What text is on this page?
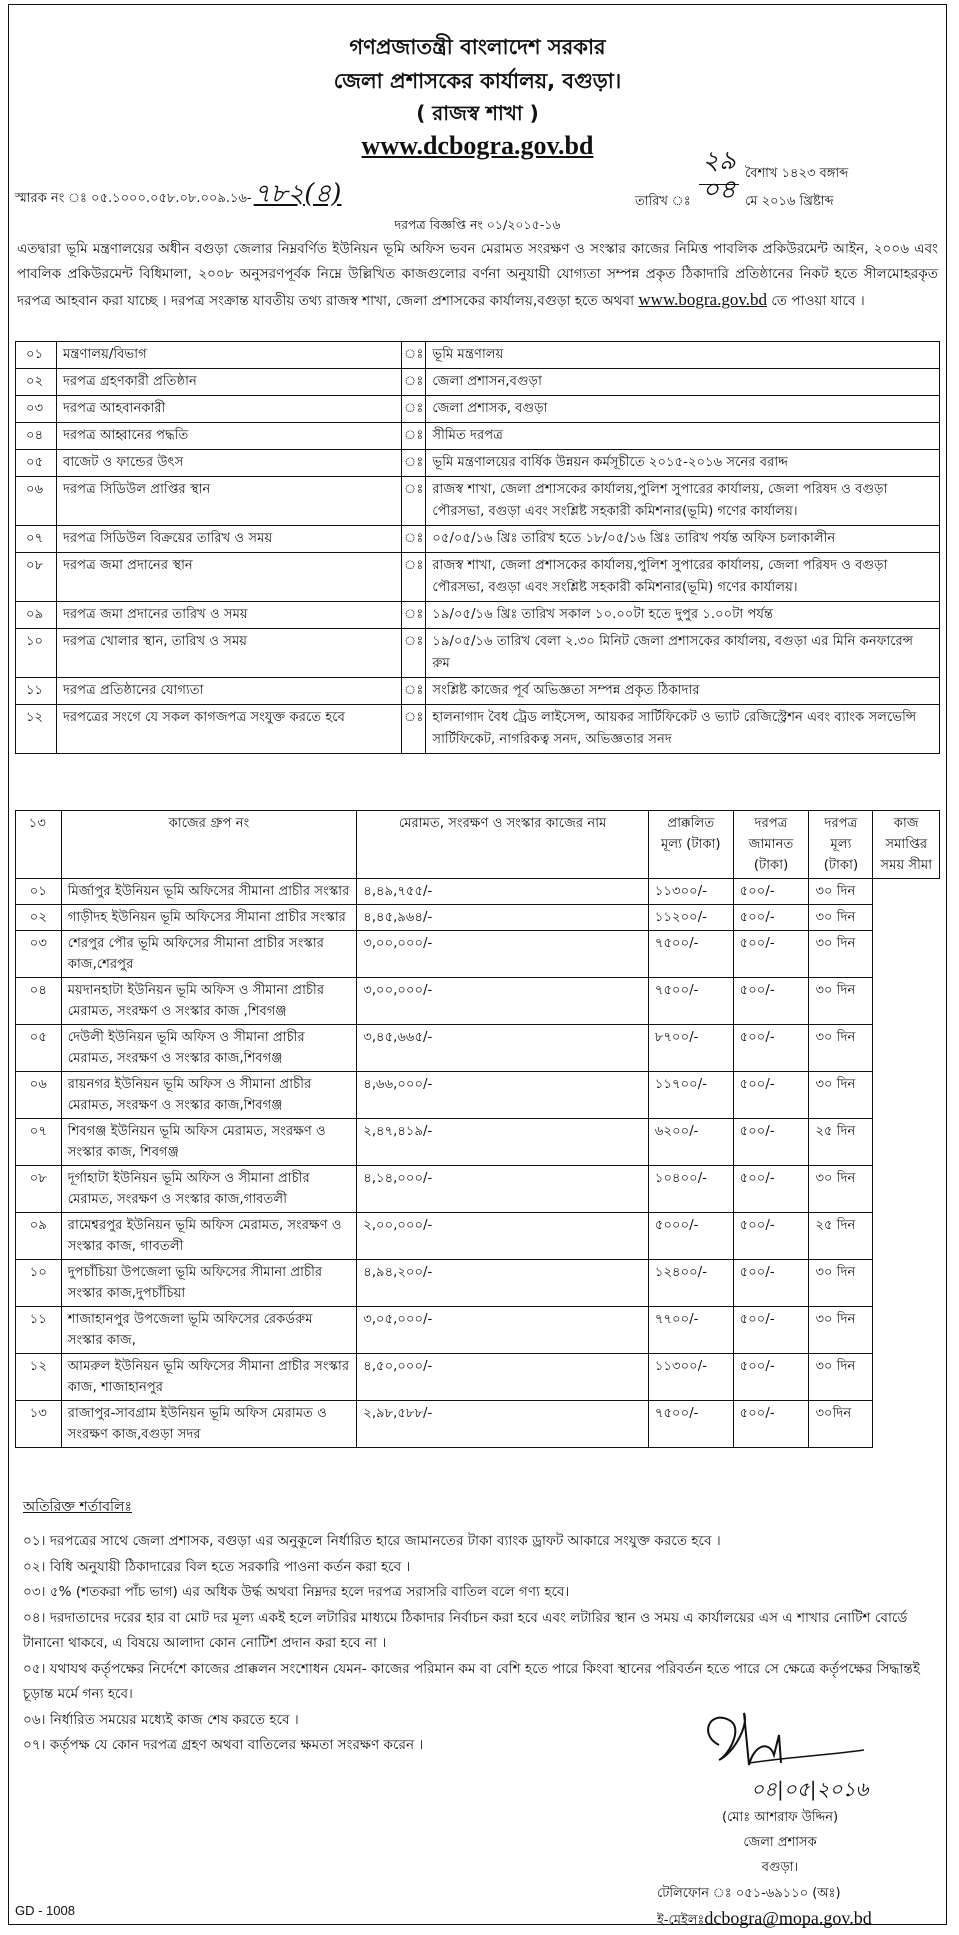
গণপ্রজাতন্ত্রী বাংলাদেশ সরকার
জেলা প্রশাসকের কার্যালয়, বগুড়া।
( রাজস্ব শাখা )
www.dcbogra.gov.bd
স্মারক নং ঃ ০৫.১০০০.০৫৮.০৮.০০৯.১৬-৭৮২(৪)
২৯ বৈশাখ ১৪২৩ বঙ্গাব্দ
তারিখ ঃ ০৪ মে ২০১৬ খ্রিষ্টাব্দ
দরপত্র বিজ্ঞপ্তি নং ০১/২০১৫-১৬
এতদ্বারা ভূমি মন্ত্রণালয়ের অধীন বগুড়া জেলার নিম্নবর্ণিত ইউনিয়ন ভূমি অফিস ভবন মেরামত সংরক্ষণ ও সংস্কার কাজের নিমিত্ত পাবলিক প্রকিউরমেন্ট আইন, ২০০৬ এবং পাবলিক প্রকিউরমেন্ট বিধিমালা, ২০০৮ অনুসরণপূর্বক নিম্নে উল্লিখিত কাজগুলোর বর্ণনা অনুযায়ী যোগ্যতা সম্পন্ন প্রকৃত ঠিকাদারি প্রতিষ্ঠানের নিকট হতে সীলমোহরকৃত দরপত্র আহবান করা যাচ্ছে । দরপত্র সংক্রান্ত যাবতীয় তথ্য রাজস্ব শাখা, জেলা প্রশাসকের কার্যালয়,বগুড়া হতে অথবা www.bogra.gov.bd তে পাওয়া যাবে ।
০১	মন্ত্রণালয়/বিভাগ	ঃ	ভূমি মন্ত্রণালয়
০২	দরপত্র গ্রহণকারী প্রতিষ্ঠান	ঃ	জেলা প্রশাসন,বগুড়া
০৩	দরপত্র আহবানকারী	ঃ	জেলা প্রশাসক, বগুড়া
০৪	দরপত্র আহ্বানের পদ্ধতি	ঃ	সীমিত দরপত্র
০৫	বাজেট ও ফান্ডের উৎস	ঃ	ভূমি মন্ত্রণালয়ের বার্ষিক উন্নয়ন কর্মসূচীতে ২০১৫-২০১৬ সনের বরাদ্দ
০৬	দরপত্র সিডিউল প্রাপ্তির স্থান	ঃ	রাজস্ব শাখা, জেলা প্রশাসকের কার্যালয়,পুলিশ সুপারের কার্যালয়, জেলা পরিষদ ও বগুড়া পৌরসভা, বগুড়া এবং সংশ্লিষ্ট সহকারী কমিশনার(ভূমি) গণের কার্যালয়।
০৭	দরপত্র সিডিউল বিক্রয়ের তারিখ ও সময়	ঃ	০৫/০৫/১৬ খ্রিঃ তারিখ হতে ১৮/০৫/১৬ খ্রিঃ তারিখ পর্যন্ত অফিস চলাকালীন
০৮	দরপত্র জমা প্রদানের স্থান	ঃ	রাজস্ব শাখা, জেলা প্রশাসকের কার্যালয়,পুলিশ সুপারের কার্যালয়, জেলা পরিষদ ও বগুড়া পৌরসভা, বগুড়া এবং সংশ্লিষ্ট সহকারী কমিশনার(ভূমি) গণের কার্যালয়।
০৯	দরপত্র জমা প্রদানের তারিখ ও সময়	ঃ	১৯/০৫/১৬ খ্রিঃ তারিখ সকাল ১০.০০টা হতে দুপুর ১.০০টা পর্যন্ত
১০	দরপত্র খোলার স্থান, তারিখ ও সময়	ঃ	১৯/০৫/১৬ তারিখ বেলা ২.৩০ মিনিট জেলা প্রশাসকের কার্যালয়, বগুড়া এর মিনি কনফারেন্স রুম
১১	দরপত্র প্রতিষ্ঠানের যোগ্যতা	ঃ	সংশ্লিষ্ট কাজের পূর্ব অভিজ্ঞতা সম্পন্ন প্রকৃত ঠিকাদার
১২	দরপত্রের সংগে যে সকল কাগজপত্র সংযুক্ত করতে হবে	ঃ	হালনাগাদ বৈধ ট্রেড লাইসেন্স, আয়কর সার্টিফিকেট ও ভ্যাট রেজিস্ট্রেশন এবং ব্যাংক সলভেন্সি সার্টিফিকেট, নাগরিকত্ব সনদ, অভিজ্ঞতার সনদ
১৩	কাজের গ্রুপ নং	মেরামত, সংরক্ষণ ও সংস্কার কাজের নাম	প্রাক্কলিত মূল্য (টাকা)	দরপত্র জামানত (টাকা)	দরপত্র মূল্য (টাকা)	কাজ সমাপ্তির সময় সীমা
০১	মির্জাপুর ইউনিয়ন ভূমি অফিসের সীমানা প্রাচীর সংস্কার	৪,৪৯,৭৫৫/-	১১৩০০/-	৫০০/-	৩০ দিন	
০২	গাড়ীদহ ইউনিয়ন ভূমি অফিসের সীমানা প্রাচীর সংস্কার	৪,৪৫,৯৬৪/-	১১২০০/-	৫০০/-	৩০ দিন	
০৩	শেরপুর পৌর ভূমি অফিসের সীমানা প্রাচীর সংস্কার কাজ,শেরপুর	৩,০০,০০০/-	৭৫০০/-	৫০০/-	৩০ দিন	
০৪	ময়দানহাটা ইউনিয়ন ভূমি অফিস ও সীমানা প্রাচীর মেরামত, সংরক্ষণ ও সংস্কার কাজ ,শিবগঞ্জ	৩,০০,০০০/-	৭৫০০/-	৫০০/-	৩০ দিন	
০৫	দেউলী ইউনিয়ন ভূমি অফিস ও সীমানা প্রাচীর মেরামত, সংরক্ষণ ও সংস্কার কাজ,শিবগঞ্জ	৩,৪৫,৬৬৫/-	৮৭০০/-	৫০০/-	৩০ দিন	
০৬	রায়নগর ইউনিয়ন ভূমি অফিস ও সীমানা প্রাচীর মেরামত, সংরক্ষণ ও সংস্কার কাজ,শিবগঞ্জ	৪,৬৬,০০০/-	১১৭০০/-	৫০০/-	৩০ দিন	
০৭	শিবগঞ্জ ইউনিয়ন ভূমি অফিস মেরামত, সংরক্ষণ ও সংস্কার কাজ, শিবগঞ্জ	২,৪৭,৪১৯/-	৬২০০/-	৫০০/-	২৫ দিন	
০৮	দূর্গাহাটা ইউনিয়ন ভূমি অফিস ও সীমানা প্রাচীর মেরামত, সংরক্ষণ ও সংস্কার কাজ,গাবতলী	৪,১৪,০০০/-	১০৪০০/-	৫০০/-	৩০ দিন	
০৯	রামেশ্বরপুর ইউনিয়ন ভূমি অফিস মেরামত, সংরক্ষণ ও সংস্কার কাজ, গাবতলী	২,০০,০০০/-	৫০০০/-	৫০০/-	২৫ দিন	
১০	দুপচাঁচিয়া উপজেলা ভূমি অফিসের সীমানা প্রাচীর সংস্কার কাজ,দুপচাঁচিয়া	৪,৯৪,২০০/-	১২৪০০/-	৫০০/-	৩০ দিন	
১১	শাজাহানপুর উপজেলা ভূমি অফিসের রেকর্ডরুম সংস্কার কাজ,	৩,০৫,০০০/-	৭৭০০/-	৫০০/-	৩০ দিন	
১২	আমরুল ইউনিয়ন ভূমি অফিসের সীমানা প্রাচীর সংস্কার কাজ, শাজাহানপুর	৪,৫০,০০০/-	১১৩০০/-	৫০০/-	৩০ দিন	
১৩	রাজাপুর-সাবগ্রাম ইউনিয়ন ভূমি অফিস মেরামত ও সংরক্ষণ কাজ,বগুড়া সদর	২,৯৮,৫৮৮/-	৭৫০০/-	৫০০/-	৩০দিন	
অতিরিক্ত শর্তাবলিঃ
০১। দরপত্রের সাথে জেলা প্রশাসক, বগুড়া এর অনুকূলে নির্ধারিত হারে জামানতের টাকা ব্যাংক ড্রাফট আকারে সংযুক্ত করতে হবে ।
০২। বিধি অনুযায়ী ঠিকাদারের বিল হতে সরকারি পাওনা কর্তন করা হবে ।
০৩। ৫% (শতকরা পাঁচ ভাগ) এর অধিক উর্দ্ধ অথবা নিম্নদর হলে দরপত্র সরাসরি বাতিল বলে গণ্য হবে।
০৪। দরদাতাদের দরের হার বা মোট দর মূল্য একই হলে লটারির মাধ্যমে ঠিকাদার নির্বাচন করা হবে এবং লটারির স্থান ও সময় এ কার্যালয়ের এস এ শাখার নোটিশ বোর্ডে টানানো থাকবে, এ বিষয়ে আলাদা কোন নোটিশ প্রদান করা হবে না ।
০৫। যথাযথ কর্তৃপক্ষের নির্দেশে কাজের প্রাক্কলন সংশোধন যেমন- কাজের পরিমান কম বা বেশি হতে পারে কিংবা স্থানের পরিবর্তন হতে পারে সে ক্ষেত্রে কর্তৃপক্ষের সিদ্ধান্তই চূড়ান্ত মর্মে গন্য হবে।
০৬। নির্ধারিত সময়ের মধ্যেই কাজ শেষ করতে হবে ।
০৭। কর্তৃপক্ষ যে কোন দরপত্র গ্রহণ অথবা বাতিলের ক্ষমতা সংরক্ষণ করেন ।
০৪|০৫|২০১৬
(মোঃ আশরাফ উদ্দিন)
জেলা প্রশাসক
বগুড়া।
টেলিফোন ঃ ০৫১-৬৯১১০ (অঃ)
ই-মেইলঃdcbogra@mopa.gov.bd
GD - 1008
